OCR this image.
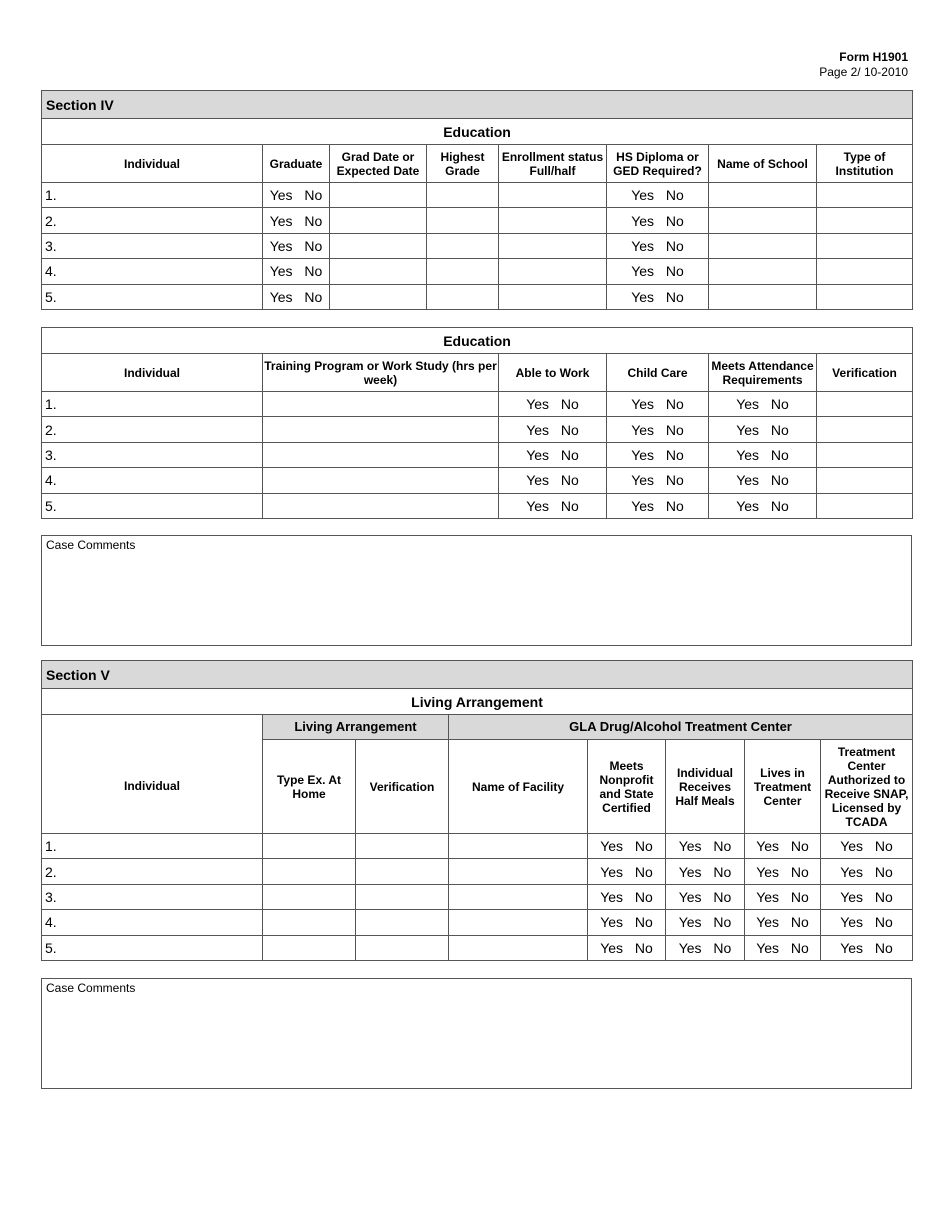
Form H1901
Page 2/ 10-2010
Section IV							
Education							
Individual	Graduate	Grad Date or Expected Date	Highest Grade	Enrollment status Full/half	HS Diploma or GED Required?	Name of School	Type of Institution
1.	Yes No				Yes No		
2.	Yes No				Yes No		
3.	Yes No				Yes No		
4.	Yes No				Yes No		
5.	Yes No				Yes No		
Education					
Individual	Training Program or Work Study (hrs per week)	Able to Work	Child Care	Meets Attendance Requirements	Verification
1.		Yes No	Yes No	Yes No	
2.		Yes No	Yes No	Yes No	
3.		Yes No	Yes No	Yes No	
4.		Yes No	Yes No	Yes No	
5.		Yes No	Yes No	Yes No	
Case Comments
Section V							
Living Arrangement							
	Living Arrangement		GLA Drug/Alcohol Treatment Center				
Individual	Type Ex. At Home	Verification	Name of Facility	Meets Nonprofit and State Certified	Individual Receives Half Meals	Lives in Treatment Center	Treatment Center Authorized to Receive SNAP, Licensed by TCADA
1.				Yes No	Yes No	Yes No	Yes No
2.				Yes No	Yes No	Yes No	Yes No
3.				Yes No	Yes No	Yes No	Yes No
4.				Yes No	Yes No	Yes No	Yes No
5.				Yes No	Yes No	Yes No	Yes No
Case Comments
